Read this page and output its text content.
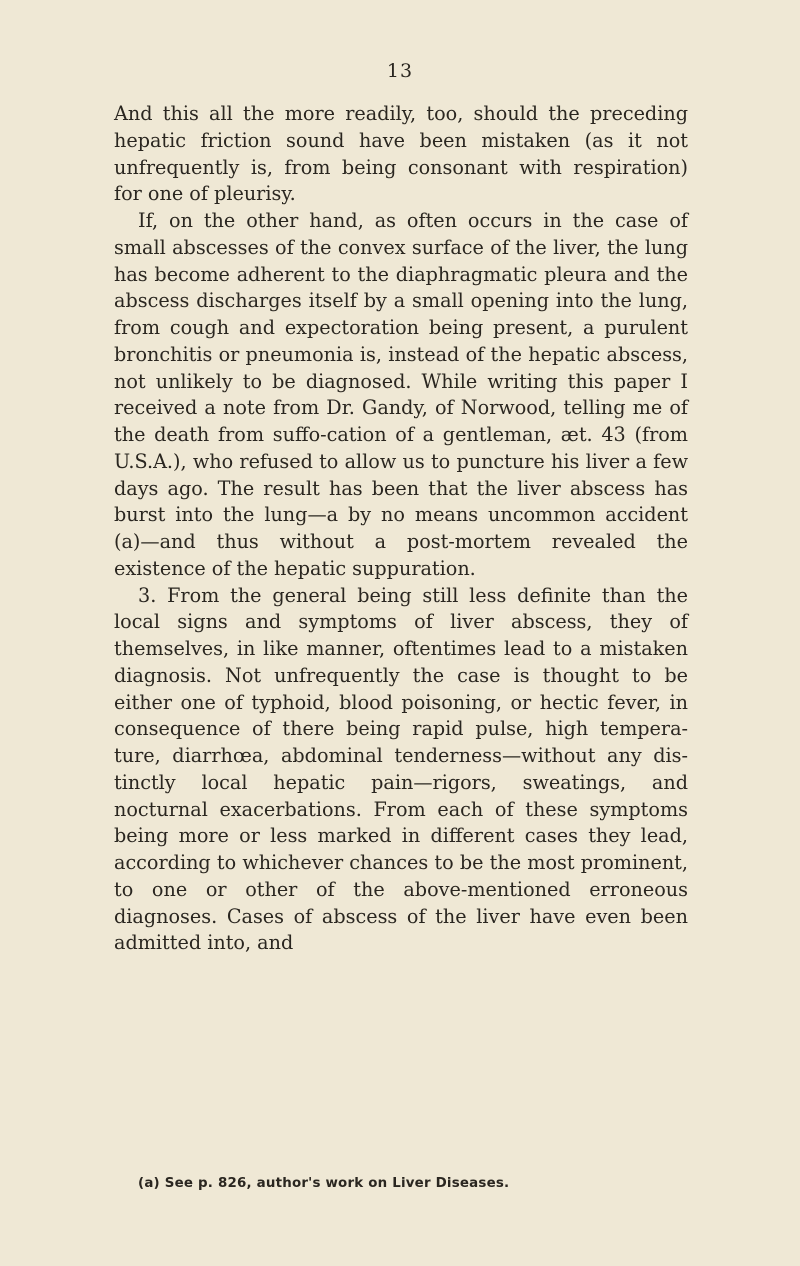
13

And this all the more readily, too, should the preceding hepatic friction sound have been mistaken (as it not unfrequently is, from being consonant with respiration) for one of pleurisy.

If, on the other hand, as often occurs in the case of small abscesses of the convex surface of the liver, the lung has become adherent to the diaphragmatic pleura and the abscess discharges itself by a small opening into the lung, from cough and expectoration being present, a purulent bronchitis or pneumonia is, instead of the hepatic abscess, not unlikely to be diagnosed. While writing this paper I received a note from Dr. Gandy, of Norwood, telling me of the death from suffo-cation of a gentleman, æt. 43 (from U.S.A.), who refused to allow us to puncture his liver a few days ago. The result has been that the liver abscess has burst into the lung—a by no means uncommon accident (a)—and thus without a post-mortem revealed the existence of the hepatic suppuration.

3. From the general being still less definite than the local signs and symptoms of liver abscess, they of themselves, in like manner, oftentimes lead to a mistaken diagnosis. Not unfrequently the case is thought to be either one of typhoid, blood poisoning, or hectic fever, in consequence of there being rapid pulse, high tempera-ture, diarrhœa, abdominal tenderness—without any dis-tinctly local hepatic pain—rigors, sweatings, and nocturnal exacerbations. From each of these symptoms being more or less marked in different cases they lead, according to whichever chances to be the most prominent, to one or other of the above-mentioned erroneous diagnoses. Cases of abscess of the liver have even been admitted into, and

(a) See p. 826, author's work on Liver Diseases.
